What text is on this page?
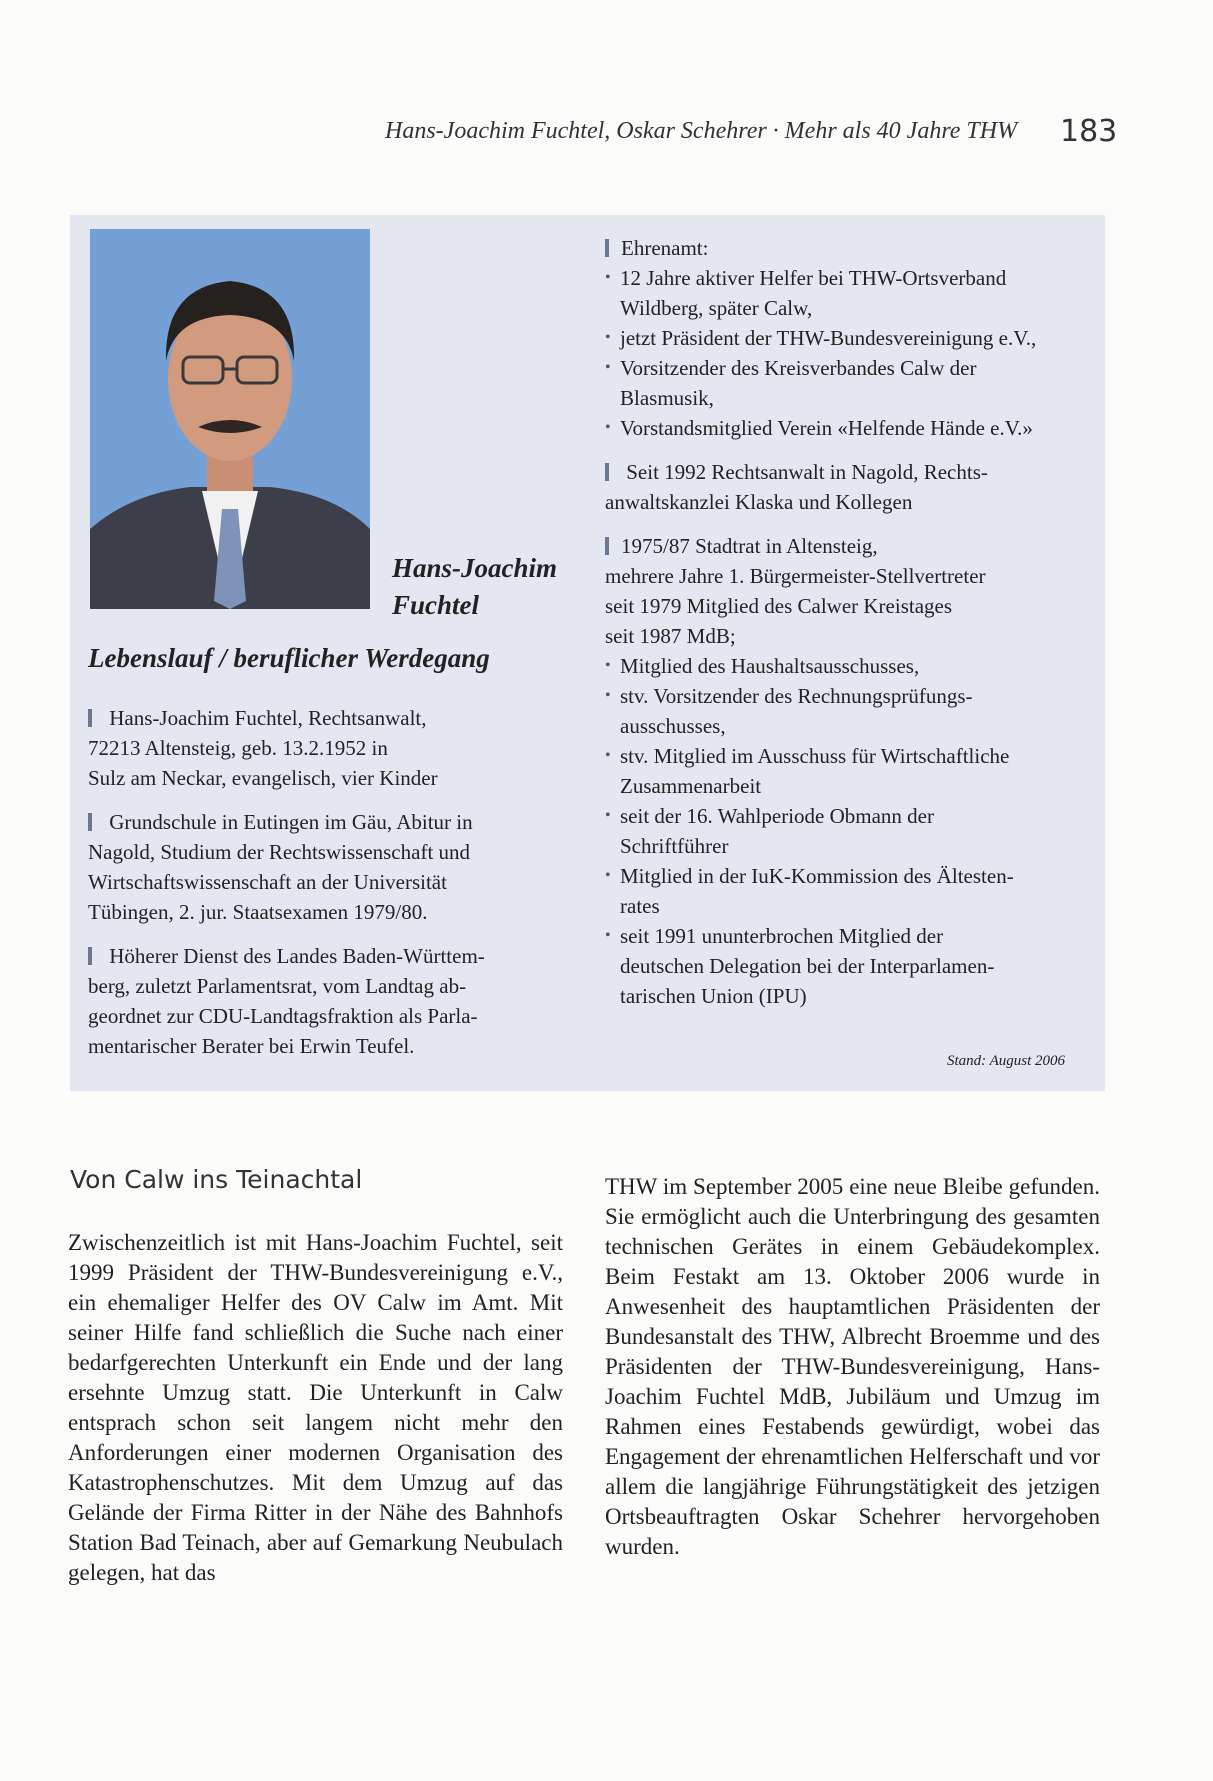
Hans-Joachim Fuchtel, Oskar Schehrer · Mehr als 40 Jahre THW 183
Hans-Joachim
Fuchtel
Lebenslauf / beruflicher Werdegang
Hans-Joachim Fuchtel, Rechtsanwalt,
72213 Altensteig, geb. 13.2.1952 in
Sulz am Neckar, evangelisch, vier Kinder
Grundschule in Eutingen im Gäu, Abitur in
Nagold, Studium der Rechtswissenschaft und
Wirtschaftswissenschaft an der Universität
Tübingen, 2. jur. Staatsexamen 1979/80.
Höherer Dienst des Landes Baden-Württem-
berg, zuletzt Parlamentsrat, vom Landtag ab-
geordnet zur CDU-Landtagsfraktion als Parla-
mentarischer Berater bei Erwin Teufel.
Ehrenamt:
• 12 Jahre aktiver Helfer bei THW-Ortsverband
Wildberg, später Calw,
• jetzt Präsident der THW-Bundesvereinigung e.V.,
• Vorsitzender des Kreisverbandes Calw der
Blasmusik,
• Vorstandsmitglied Verein «Helfende Hände e.V.»
Seit 1992 Rechtsanwalt in Nagold, Rechts-
anwaltskanzlei Klaska und Kollegen
1975/87 Stadtrat in Altensteig,
mehrere Jahre 1. Bürgermeister-Stellvertreter
seit 1979 Mitglied des Calwer Kreistages
seit 1987 MdB;
• Mitglied des Haushaltsausschusses,
• stv. Vorsitzender des Rechnungsprüfungs-
ausschusses,
• stv. Mitglied im Ausschuss für Wirtschaftliche
Zusammenarbeit
• seit der 16. Wahlperiode Obmann der
Schriftführer
• Mitglied in der IuK-Kommission des Ältesten-
rates
• seit 1991 ununterbrochen Mitglied der
deutschen Delegation bei der Interparlamen-
tarischen Union (IPU)
Stand: August 2006
Von Calw ins Teinachtal
Zwischenzeitlich ist mit Hans-Joachim Fuchtel, seit 1999 Präsident der THW-Bundesvereinigung e.V., ein ehemaliger Helfer des OV Calw im Amt. Mit seiner Hilfe fand schließlich die Suche nach einer bedarfgerechten Unterkunft ein Ende und der lang ersehnte Umzug statt. Die Unterkunft in Calw entsprach schon seit langem nicht mehr den Anforderungen einer modernen Organisation des Katastrophenschutzes. Mit dem Umzug auf das Gelände der Firma Ritter in der Nähe des Bahnhofs Station Bad Teinach, aber auf Gemarkung Neubulach gelegen, hat das
THW im September 2005 eine neue Bleibe gefunden. Sie ermöglicht auch die Unterbringung des gesamten technischen Gerätes in einem Gebäudekomplex. Beim Festakt am 13. Oktober 2006 wurde in Anwesenheit des hauptamtlichen Präsidenten der Bundesanstalt des THW, Albrecht Broemme und des Präsidenten der THW-Bundesvereinigung, Hans-Joachim Fuchtel MdB, Jubiläum und Umzug im Rahmen eines Festabends gewürdigt, wobei das Engagement der ehrenamtlichen Helferschaft und vor allem die langjährige Führungstätigkeit des jetzigen Ortsbeauftragten Oskar Schehrer hervorgehoben wurden.
